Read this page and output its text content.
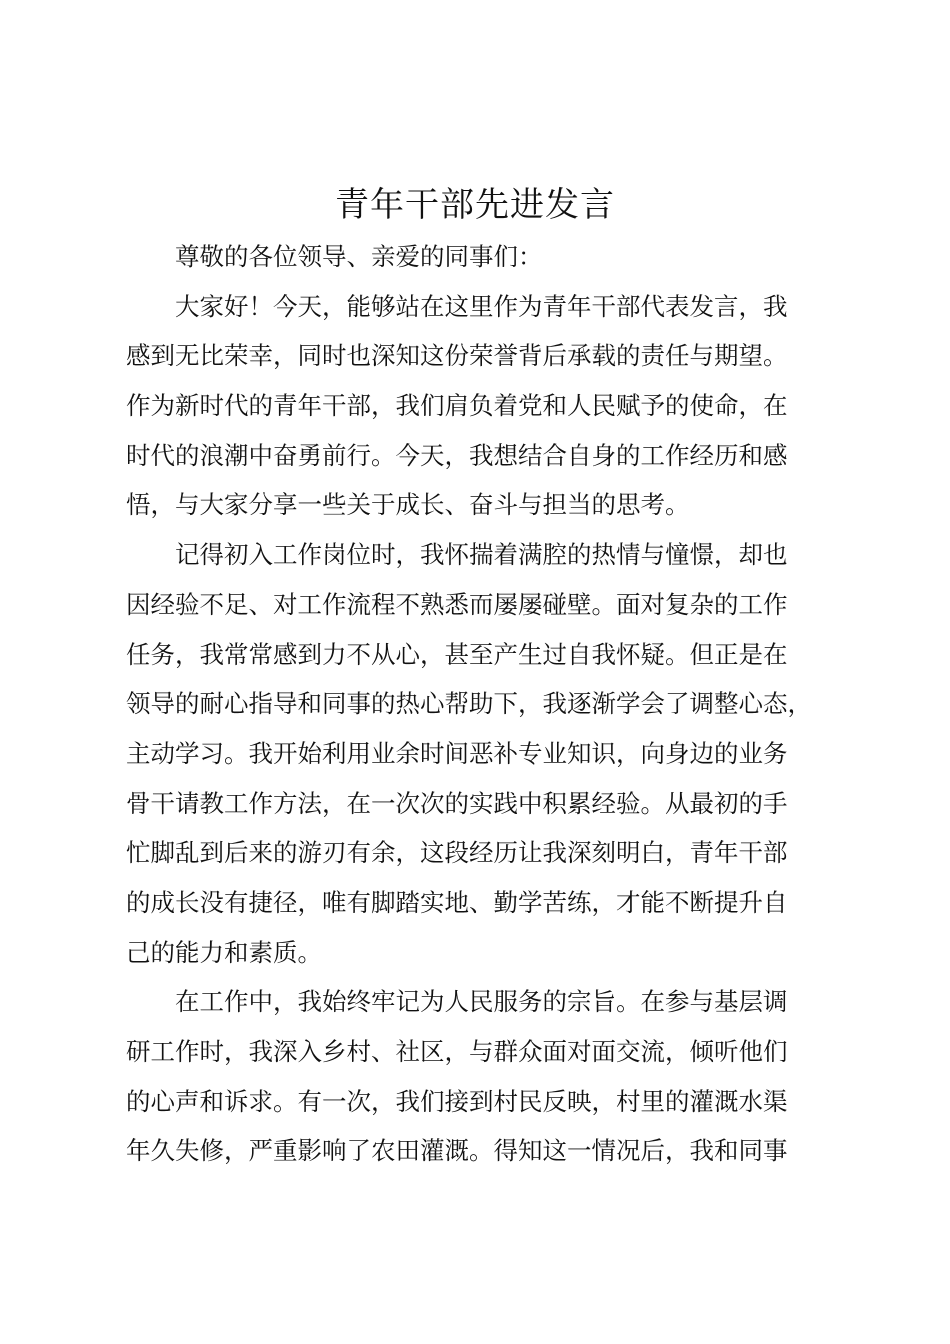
青年干部先进发言
尊敬的各位领导、亲爱的同事们：
大家好！今天，能够站在这里作为青年干部代表发言，我
感到无比荣幸，同时也深知这份荣誉背后承载的责任与期望。
作为新时代的青年干部，我们肩负着党和人民赋予的使命，在
时代的浪潮中奋勇前行。今天，我想结合自身的工作经历和感
悟，与大家分享一些关于成长、奋斗与担当的思考。
记得初入工作岗位时，我怀揣着满腔的热情与憧憬，却也
因经验不足、对工作流程不熟悉而屡屡碰壁。面对复杂的工作
任务，我常常感到力不从心，甚至产生过自我怀疑。但正是在
领导的耐心指导和同事的热心帮助下，我逐渐学会了调整心态，
主动学习。我开始利用业余时间恶补专业知识，向身边的业务
骨干请教工作方法，在一次次的实践中积累经验。从最初的手
忙脚乱到后来的游刃有余，这段经历让我深刻明白，青年干部
的成长没有捷径，唯有脚踏实地、勤学苦练，才能不断提升自
己的能力和素质。
在工作中，我始终牢记为人民服务的宗旨。在参与基层调
研工作时，我深入乡村、社区，与群众面对面交流，倾听他们
的心声和诉求。有一次，我们接到村民反映，村里的灌溉水渠
年久失修，严重影响了农田灌溉。得知这一情况后，我和同事
